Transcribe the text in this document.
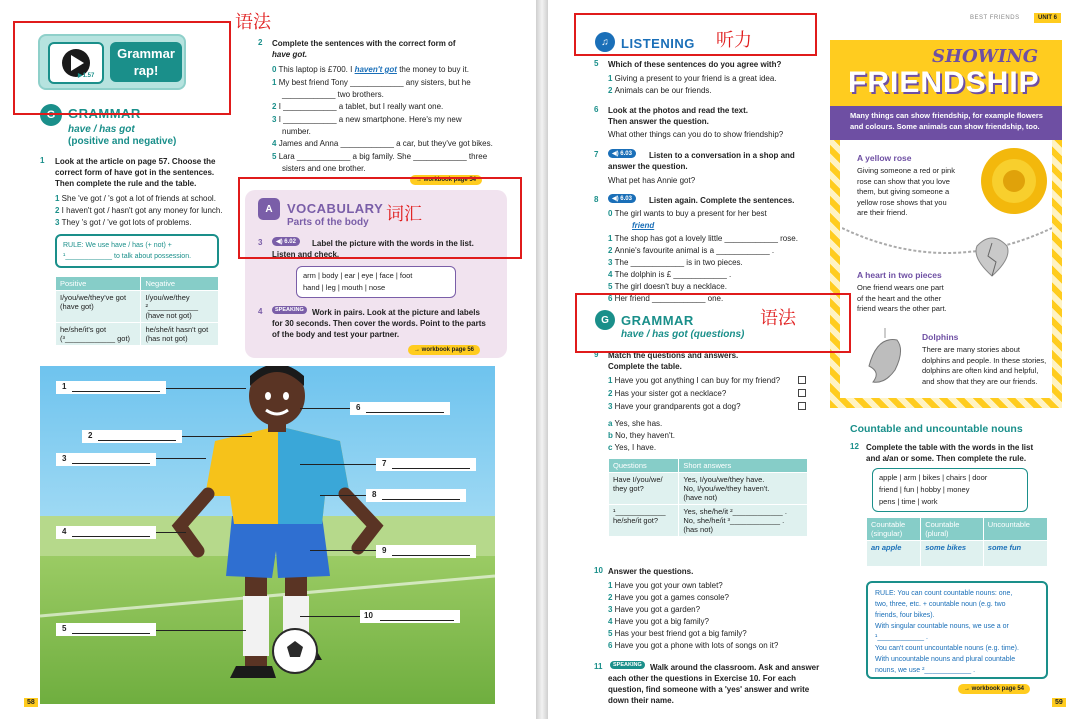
▶1.57
Grammar rap!
G GRAMMAR
have / has got
(positive and negative)
1 Look at the article on page 57. Choose the
correct form of have got in the sentences.
Then complete the rule and the table.
1 She 've got / 's got a lot of friends at school.
2 I haven't got / hasn't got any money for lunch.
3 They 's got / 've got lots of problems.
RULE: We use have / has (+ not) +
¹____________ to talk about possession.
Positive	Negative
I/you/we/they've got
(have got)	I/you/we/they
²____________
(have not got)
he/she/it's got
(³____________ got)	he/she/it hasn't got
(has not got)
2 Complete the sentences with the correct form of
have got.
0 This laptop is £700. I haven't got the money to buy it.
1 My best friend Tony ____________ any sisters, but he
____________ two brothers.
2 I ____________ a tablet, but I really want one.
3 I ____________ a new smartphone. Here's my new
number.
4 James and Anna ____________ a car, but they've got bikes.
5 Lara ____________ a big family. She ____________ three
sisters and one brother.
→ workbook page 54
A	VOCABULARY
Parts of the body
3	◀) 6.02	Label the picture with the words in the list.
Listen and check.
arm | body | ear | eye | face | foot
hand | leg | mouth | nose
4	SPEAKING	Work in pairs. Look at the picture and labels
for 30 seconds. Then cover the words. Point to the parts
of the body and test your partner.
→ workbook page 56
1
2
3
4
5
6
7
8
9
10
58
BEST FRIENDS	UNIT 6
♫ LISTENING
5 Which of these sentences do you agree with?
1 Giving a present to your friend is a great idea.
2 Animals can be our friends.
6 Look at the photos and read the text.
Then answer the question.
What other things can you do to show friendship?
7	◀) 6.03	Listen to a conversation in a shop and
answer the question.
What pet has Annie got?
8	◀) 6.03	Listen again. Complete the sentences.
0 The girl wants to buy a present for her best
friend
1 The shop has got a lovely little ____________ rose.
2 Annie's favourite animal is a ____________ .
3 The ____________ is in two pieces.
4 The dolphin is £ ____________ .
5 The girl doesn't buy a necklace.
6 Her friend ____________ one.
G GRAMMAR
have / has got (questions)
9 Match the questions and answers.
Complete the table.
1 Have you got anything I can buy for my friend?
2 Has your sister got a necklace?
3 Have your grandparents got a dog?
a Yes, she has.
b No, they haven't.
c Yes, I have.
Questions	Short answers
Have I/you/we/
they got?	Yes, I/you/we/they have.
No, I/you/we/they haven't.
(have not)
¹____________
he/she/it got?	Yes, she/he/it ²____________ .
No, she/he/it ³____________ .
(has not)
10 Answer the questions.
1 Have you got your own tablet?
2 Have you got a games console?
3 Have you got a garden?
4 Have you got a big family?
5 Has your best friend got a big family?
6 Have you got a phone with lots of songs on it?
11	SPEAKING	Walk around the classroom. Ask and answer
each other the questions in Exercise 10. For each
question, find someone with a 'yes' answer and write
down their name.
SHOWING
FRIENDSHIP
Many things can show friendship, for example flowers
and colours. Some animals can show friendship, too.
A yellow rose
Giving someone a red or pink
rose can show that you love
them, but giving someone a
yellow rose shows that you
are their friend.
A heart in two pieces
One friend wears one part
of the heart and the other
friend wears the other part.
Dolphins
There are many stories about
dolphins and people. In these stories,
dolphins are often kind and helpful,
and show that they are our friends.
Countable and uncountable nouns
12 Complete the table with the words in the list
and a/an or some. Then complete the rule.
apple | arm | bikes | chairs | door
friend | fun | hobby | money
pens | time | work
Countable
(singular)	Countable
(plural)	Uncountable
an apple	some bikes	some fun
RULE: You can count countable nouns: one,
two, three, etc. + countable noun (e.g. two
friends, four bikes).
With singular countable nouns, we use a or
¹____________ .
You can't count uncountable nouns (e.g. time).
With uncountable nouns and plural countable
nouns, we use ²____________ .
→ workbook page 54
59
语法
词汇
听力
语法
